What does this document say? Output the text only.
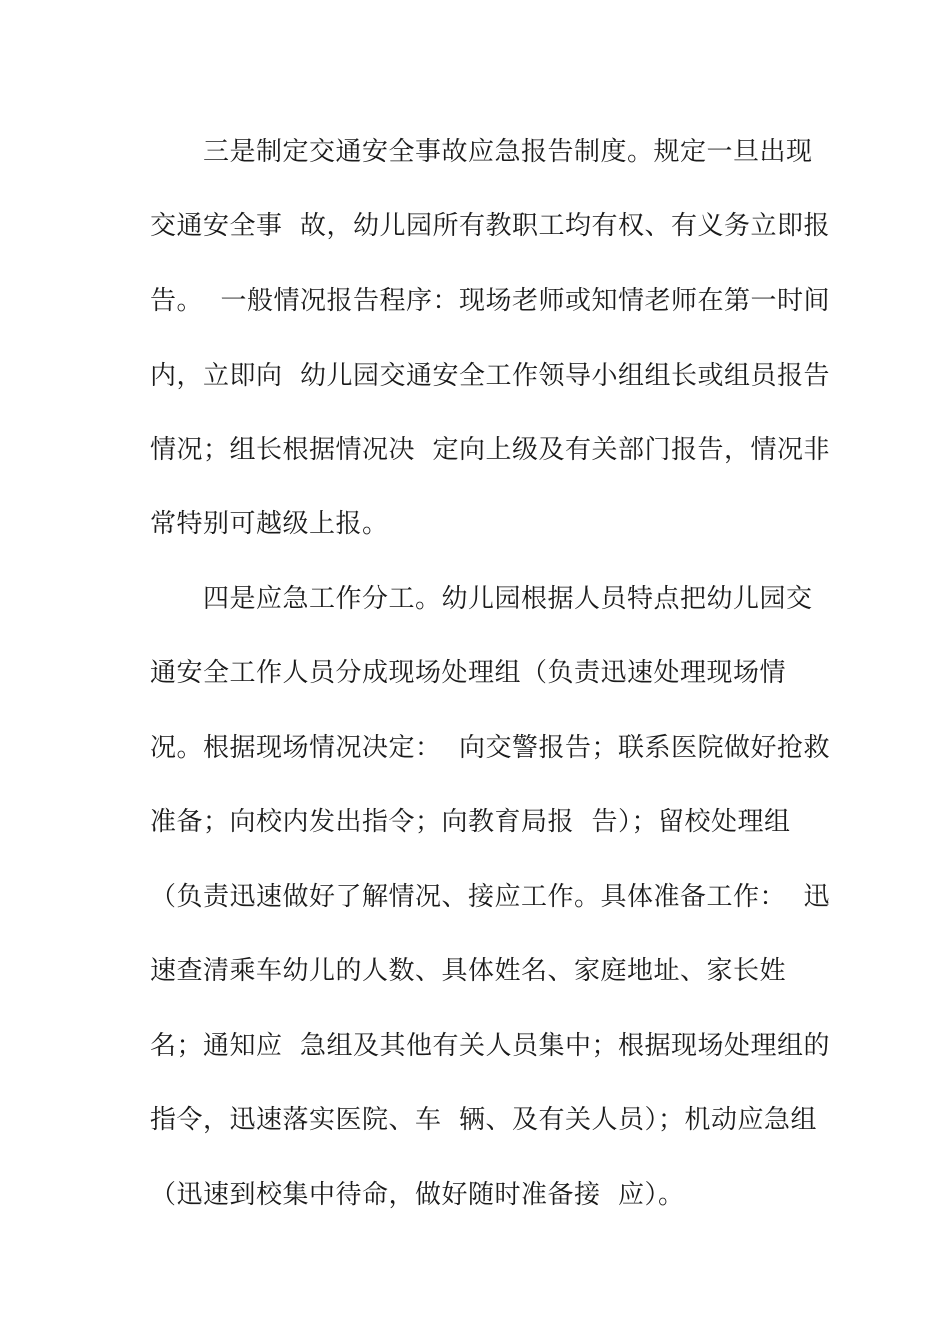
三是制定交通安全事故应急报告制度。规定一旦出现

交通安全事  故，幼儿园所有教职工均有权、有义务立即报

告。  一般情况报告程序：现场老师或知情老师在第一时间

内，立即向  幼儿园交通安全工作领导小组组长或组员报告

情况；组长根据情况决  定向上级及有关部门报告，情况非

常特别可越级上报。

四是应急工作分工。幼儿园根据人员特点把幼儿园交

通安全工作人员分成现场处理组（负责迅速处理现场情

况。根据现场情况决定：  向交警报告；联系医院做好抢救

准备；向校内发出指令；向教育局报  告）；留校处理组

（负责迅速做好了解情况、接应工作。具体准备工作：  迅

速查清乘车幼儿的人数、具体姓名、家庭地址、家长姓

名；通知应  急组及其他有关人员集中；根据现场处理组的

指令，迅速落实医院、车  辆、及有关人员）；机动应急组

（迅速到校集中待命，做好随时准备接  应）。
